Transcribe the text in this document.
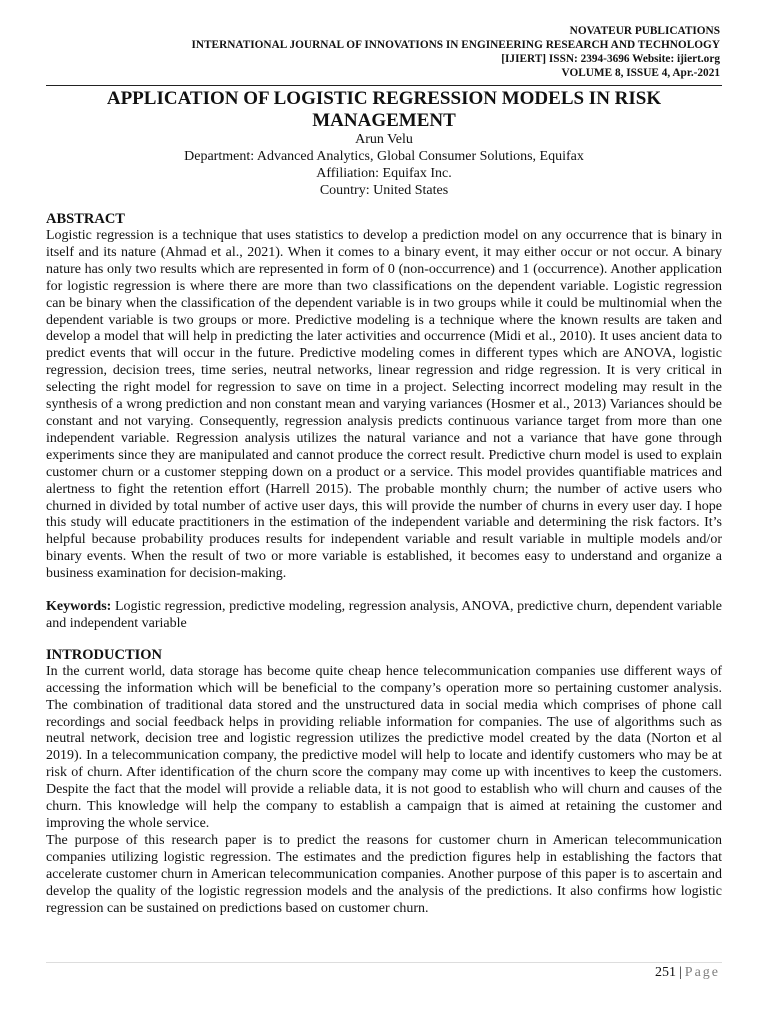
NOVATEUR PUBLICATIONS
INTERNATIONAL JOURNAL OF INNOVATIONS IN ENGINEERING RESEARCH AND TECHNOLOGY
[IJIERT] ISSN: 2394-3696 Website: ijiert.org
VOLUME 8, ISSUE 4, Apr.-2021
APPLICATION OF LOGISTIC REGRESSION MODELS IN RISK MANAGEMENT
Arun Velu
Department: Advanced Analytics, Global Consumer Solutions, Equifax
Affiliation: Equifax Inc.
Country: United States
ABSTRACT

Logistic regression is a technique that uses statistics to develop a prediction model on any occurrence that is binary in itself and its nature (Ahmad et al., 2021). When it comes to a binary event, it may either occur or not occur. A binary nature has only two results which are represented in form of 0 (non-occurrence) and 1 (occurrence). Another application for logistic regression is where there are more than two classifications on the dependent variable. Logistic regression can be binary when the classification of the dependent variable is in two groups while it could be multinomial when the dependent variable is two groups or more. Predictive modeling is a technique where the known results are taken and develop a model that will help in predicting the later activities and occurrence (Midi et al., 2010). It uses ancient data to predict events that will occur in the future. Predictive modeling comes in different types which are ANOVA, logistic regression, decision trees, time series, neutral networks, linear regression and ridge regression. It is very critical in selecting the right model for regression to save on time in a project. Selecting incorrect modeling may result in the synthesis of a wrong prediction and non constant mean and varying variances (Hosmer et al., 2013) Variances should be constant and not varying. Consequently, regression analysis predicts continuous variance target from more than one independent variable. Regression analysis utilizes the natural variance and not a variance that have gone through experiments since they are manipulated and cannot produce the correct result. Predictive churn model is used to explain customer churn or a customer stepping down on a product or a service. This model provides quantifiable matrices and alertness to fight the retention effort (Harrell 2015). The probable monthly churn; the number of active users who churned in divided by total number of active user days, this will provide the number of churns in every user day. I hope this study will educate practitioners in the estimation of the independent variable and determining the risk factors. It’s helpful because probability produces results for independent variable and result variable in multiple models and/or binary events. When the result of two or more variable is established, it becomes easy to understand and organize a business examination for decision-making.

Keywords: Logistic regression, predictive modeling, regression analysis, ANOVA, predictive churn, dependent variable and independent variable

INTRODUCTION

In the current world, data storage has become quite cheap hence telecommunication companies use different ways of accessing the information which will be beneficial to the company’s operation more so pertaining customer analysis. The combination of traditional data stored and the unstructured data in social media which comprises of phone call recordings and social feedback helps in providing reliable information for companies. The use of algorithms such as neutral network, decision tree and logistic regression utilizes the predictive model created by the data (Norton et al 2019). In a telecommunication company, the predictive model will help to locate and identify customers who may be at risk of churn. After identification of the churn score the company may come up with incentives to keep the customers. Despite the fact that the model will provide a reliable data, it is not good to establish who will churn and causes of the churn. This knowledge will help the company to establish a campaign that is aimed at retaining the customer and improving the whole service.

The purpose of this research paper is to predict the reasons for customer churn in American telecommunication companies utilizing logistic regression. The estimates and the prediction figures help in establishing the factors that accelerate customer churn in American telecommunication companies. Another purpose of this paper is to ascertain and develop the quality of the logistic regression models and the analysis of the predictions. It also confirms how logistic regression can be sustained on predictions based on customer churn.

251 | Page
